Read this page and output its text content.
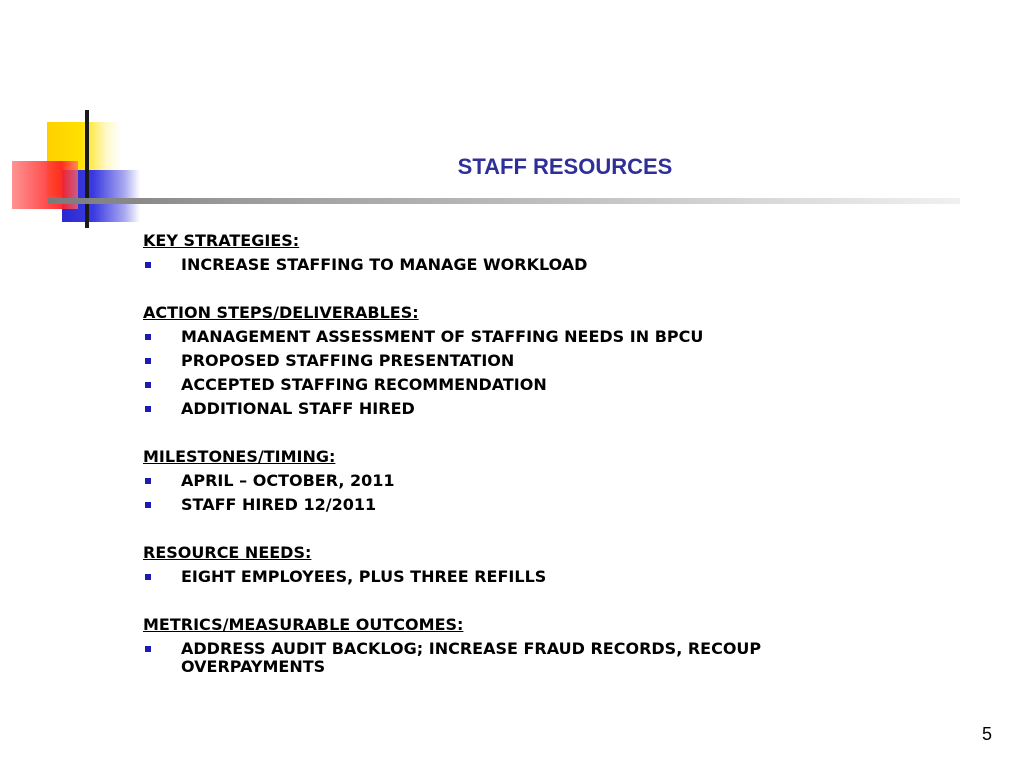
STAFF RESOURCES
KEY STRATEGIES:
INCREASE STAFFING TO MANAGE WORKLOAD
ACTION STEPS/DELIVERABLES:
MANAGEMENT ASSESSMENT OF STAFFING NEEDS IN BPCU
PROPOSED STAFFING PRESENTATION
ACCEPTED STAFFING RECOMMENDATION
ADDITIONAL STAFF HIRED
MILESTONES/TIMING:
APRIL – OCTOBER, 2011
STAFF HIRED 12/2011
RESOURCE NEEDS:
EIGHT EMPLOYEES, PLUS THREE REFILLS
METRICS/MEASURABLE OUTCOMES:
ADDRESS AUDIT BACKLOG; INCREASE FRAUD RECORDS, RECOUP OVERPAYMENTS
5
